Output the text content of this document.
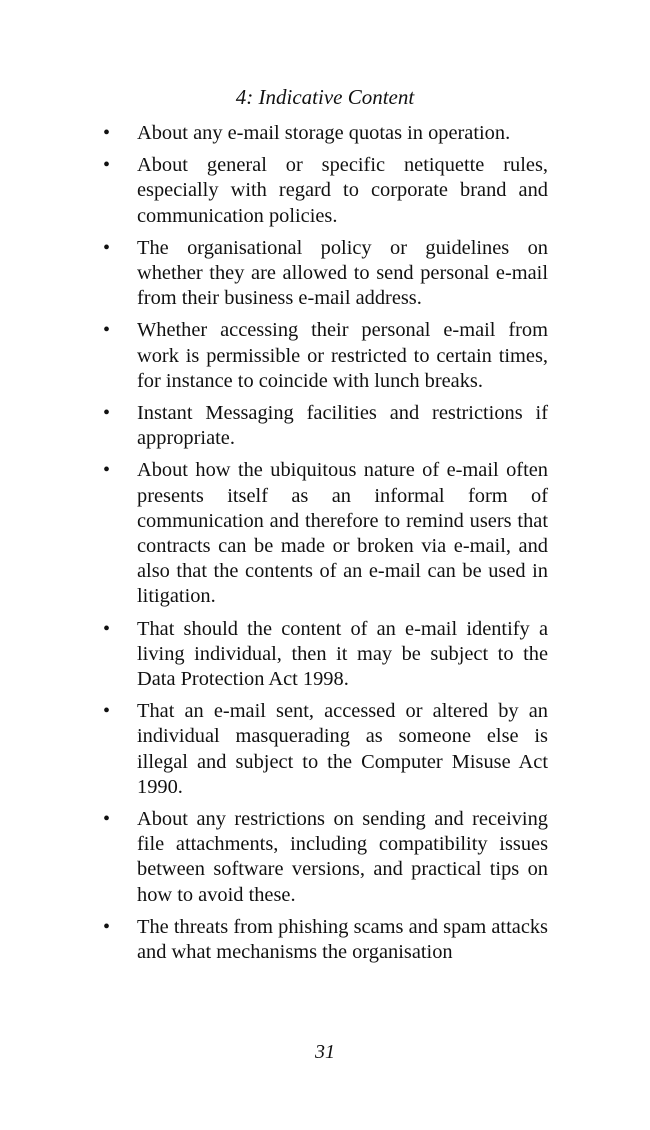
4: Indicative Content

•	About any e-mail storage quotas in operation.
•	About general or specific netiquette rules, especially with regard to corporate brand and communication policies.
•	The organisational policy or guidelines on whether they are allowed to send personal e-mail from their business e-mail address.
•	Whether accessing their personal e-mail from work is permissible or restricted to certain times, for instance to coincide with lunch breaks.
•	Instant Messaging facilities and restrictions if appropriate.
•	About how the ubiquitous nature of e-mail often presents itself as an informal form of communication and therefore to remind users that contracts can be made or broken via e-mail, and also that the contents of an e-mail can be used in litigation.
•	That should the content of an e-mail identify a living individual, then it may be subject to the Data Protection Act 1998.
•	That an e-mail sent, accessed or altered by an individual masquerading as someone else is illegal and subject to the Computer Misuse Act 1990.
•	About any restrictions on sending and receiving file attachments, including compatibility issues between software versions, and practical tips on how to avoid these.
•	The threats from phishing scams and spam attacks and what mechanisms the organisation

31
